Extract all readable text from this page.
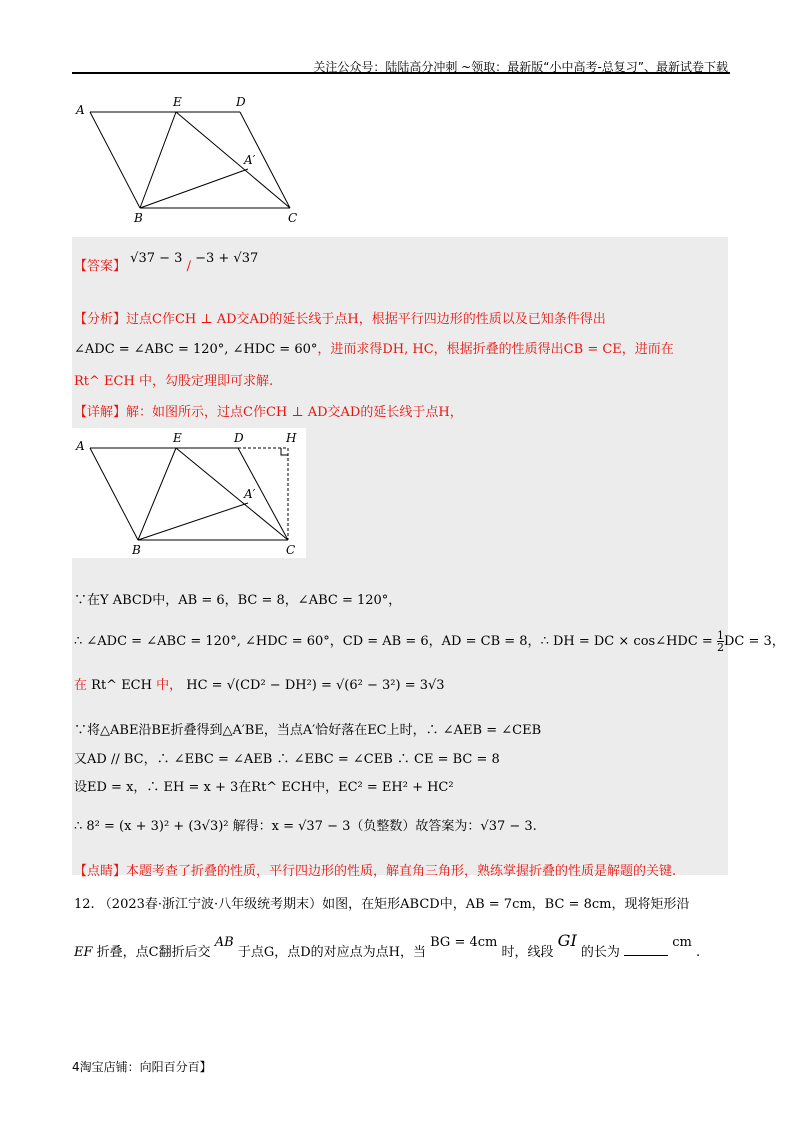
关注公众号：陆陆高分冲刺 ~领取：最新版“小中高考-总复习”、最新试卷下载
A
E	D
A′
B	C
【答案】 √37 − 3 / −3 + √37
【分析】过点C作CH ⊥ AD交AD的延长线于点H，根据平行四边形的性质以及已知条件得出
∠ADC = ∠ABC = 120°, ∠HDC = 60°，进而求得DH, HC，根据折叠的性质得出CB = CE，进而在
Rt^ ECH 中，勾股定理即可求解.
【详解】解：如图所示，过点C作CH ⊥ AD交AD的延长线于点H，
A
E	D	H
A′
B	C
∵在Y ABCD中，AB = 6，BC = 8，∠ABC = 120°，
∴ ∠ADC = ∠ABC = 120°, ∠HDC = 60°，CD = AB = 6，AD = CB = 8，∴ DH = DC × cos∠HDC = $\frac{1}{2}$ DC = 3，
在 Rt^ ECH 中， HC = √(CD² − DH²) = √(6² − 3²) = 3√3
∵将△ABE沿BE折叠得到△A′BE，当点A′恰好落在EC上时，∴ ∠AEB = ∠CEB
又AD // BC，∴ ∠EBC = ∠AEB ∴ ∠EBC = ∠CEB ∴ CE = BC = 8
设ED = x，∴ EH = x + 3在Rt^ ECH中，EC² = EH² + HC²
∴ 8² = (x + 3)² + (3√3)² 解得：x = √37 − 3（负整数）故答案为：√37 − 3.
【点睛】本题考查了折叠的性质，平行四边形的性质，解直角三角形，熟练掌握折叠的性质是解题的关键.
12. （2023春·浙江宁波·八年级统考期末）如图，在矩形ABCD中，AB = 7cm，BC = 8cm，现将矩形沿
EF 折叠，点C翻折后交 AB 于点G，点D的对应点为点H，当 BG = 4cm 时，线段 GI 的长为  cm .
4淘宝店铺：向阳百分百】
